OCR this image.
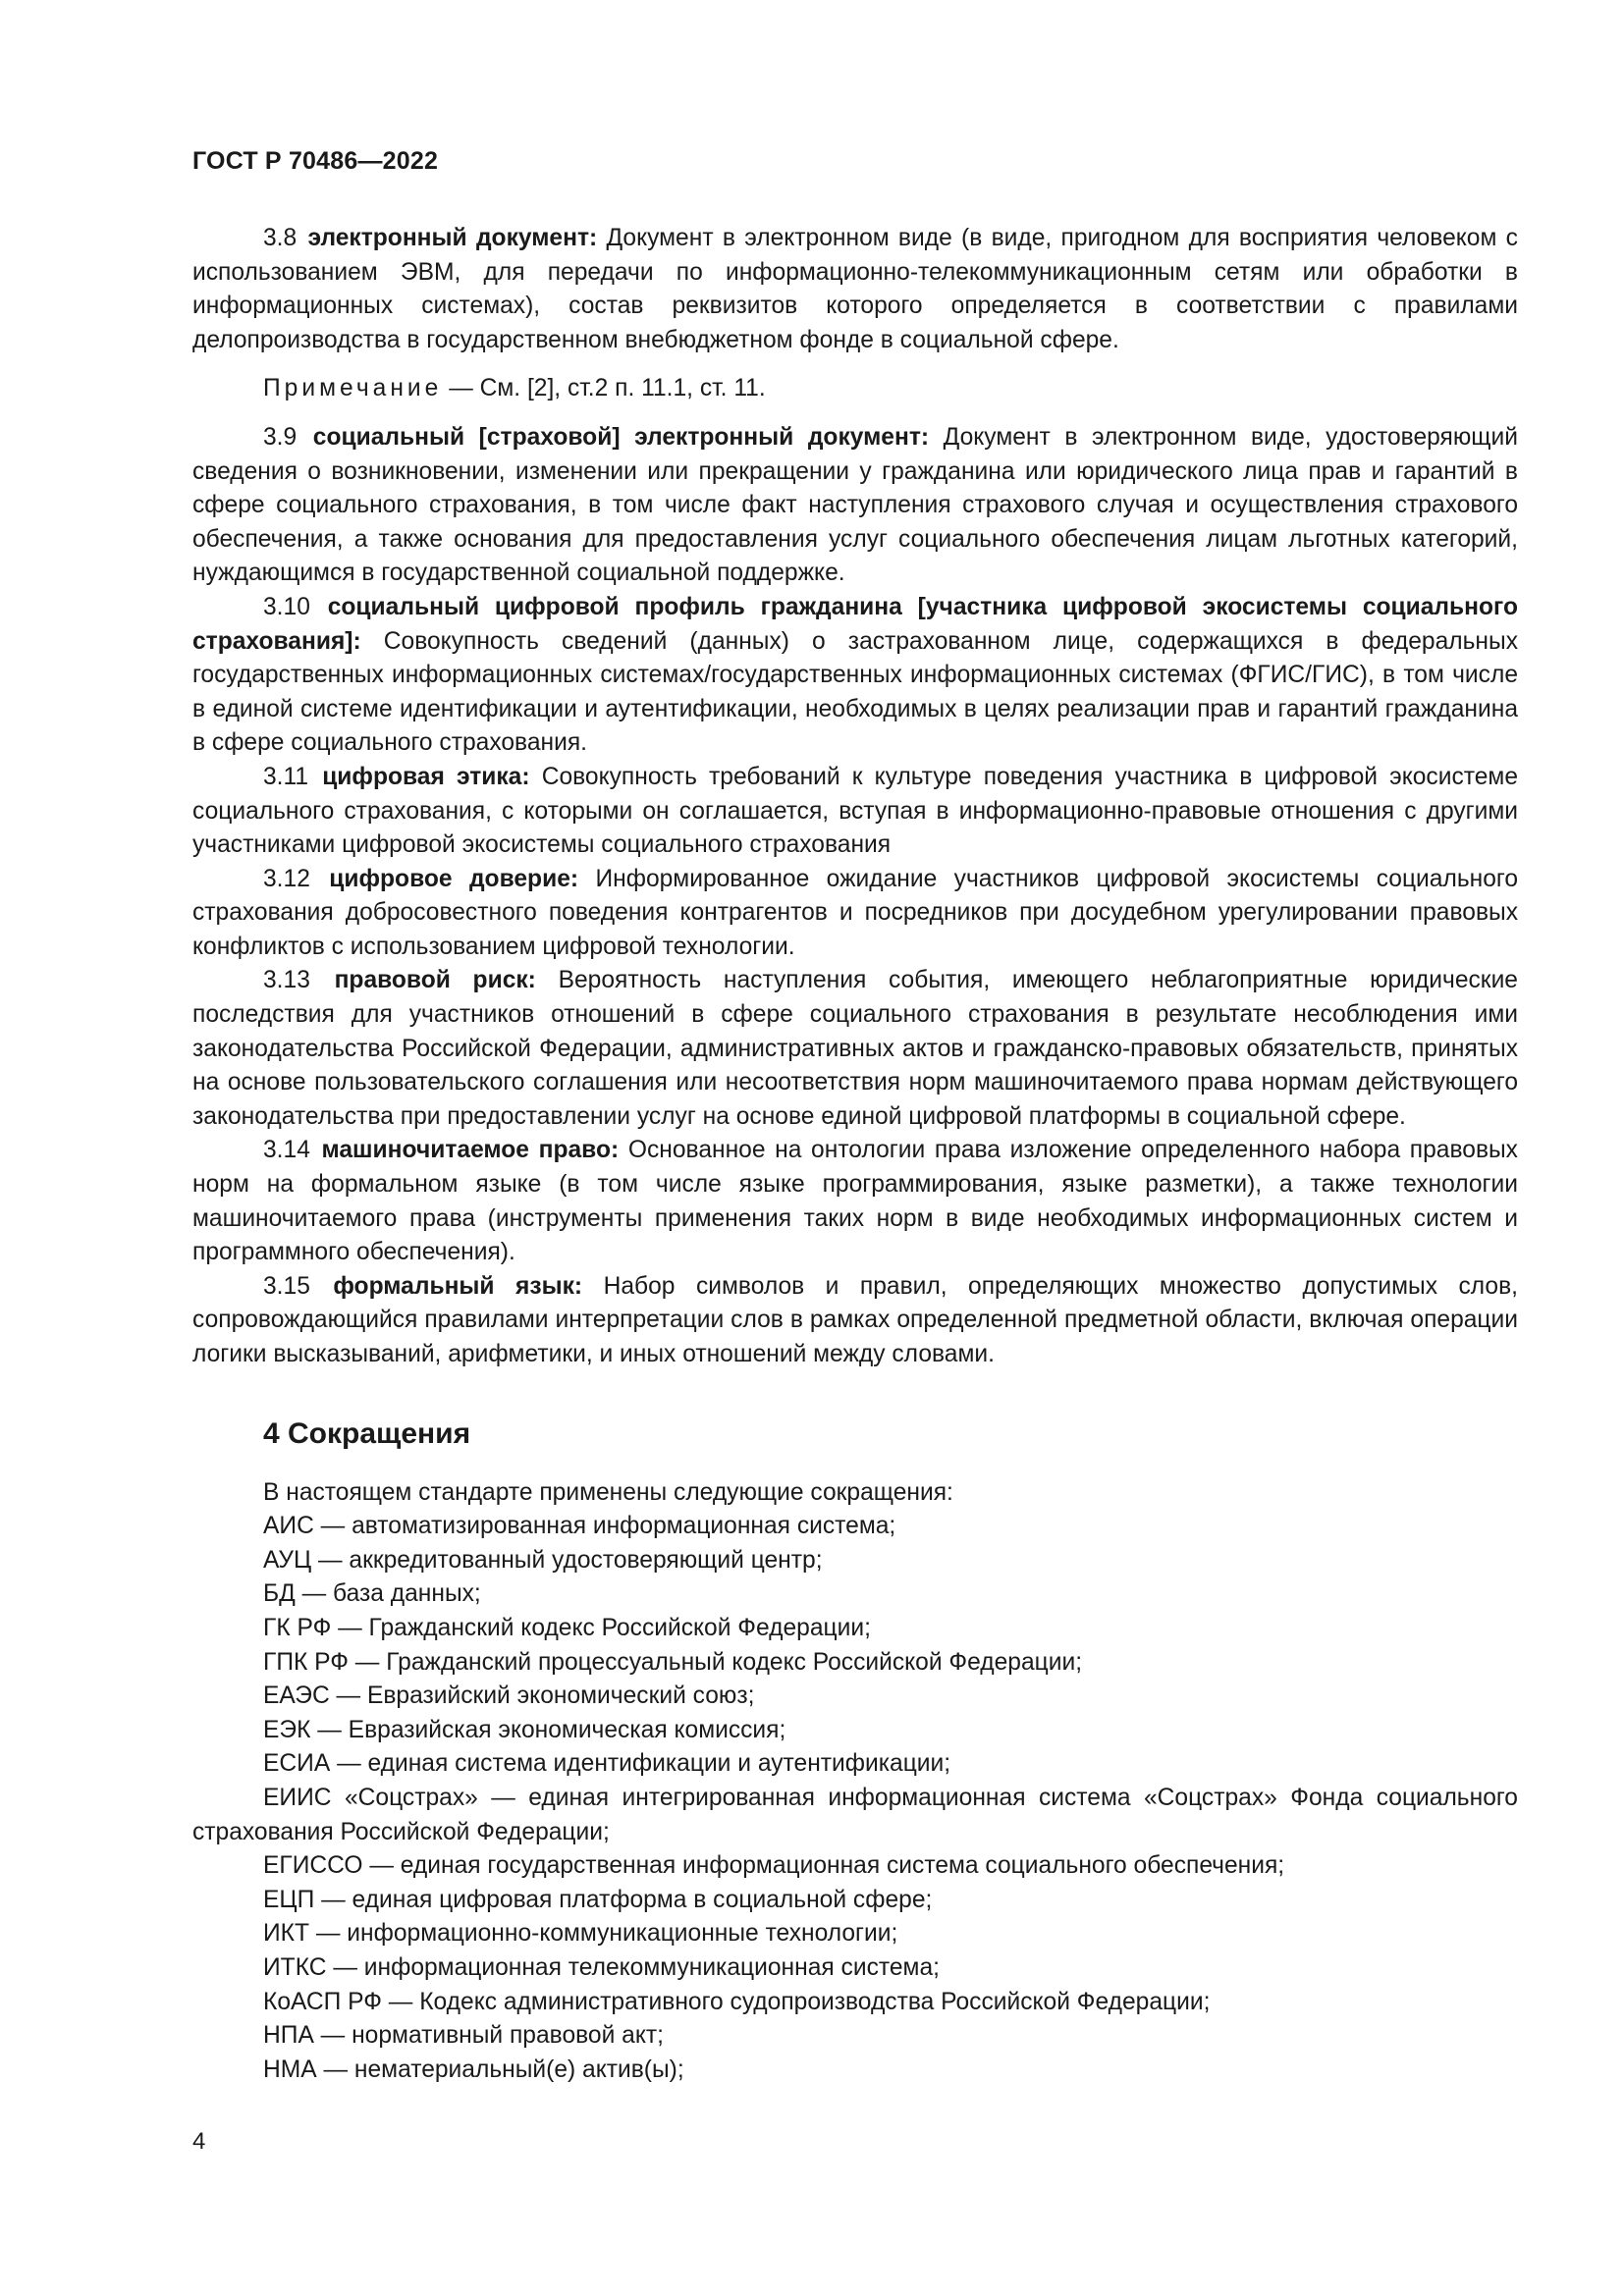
ГОСТ Р 70486—2022

3.8 электронный документ: Документ в электронном виде (в виде, пригодном для восприятия человеком с использованием ЭВМ, для передачи по информационно-телекоммуникационным сетям или обработки в информационных системах), состав реквизитов которого определяется в соответствии с правилами делопроизводства в государственном внебюджетном фонде в социальной сфере.

Примечание — См. [2], ст.2 п. 11.1, ст. 11.

3.9 социальный [страховой] электронный документ: Документ в электронном виде, удостоверяющий сведения о возникновении, изменении или прекращении у гражданина или юридического лица прав и гарантий в сфере социального страхования, в том числе факт наступления страхового случая и осуществления страхового обеспечения, а также основания для предоставления услуг социального обеспечения лицам льготных категорий, нуждающимся в государственной социальной поддержке.

3.10 социальный цифровой профиль гражданина [участника цифровой экосистемы социального страхования]: Совокупность сведений (данных) о застрахованном лице, содержащихся в федеральных государственных информационных системах/государственных информационных системах (ФГИС/ГИС), в том числе в единой системе идентификации и аутентификации, необходимых в целях реализации прав и гарантий гражданина в сфере социального страхования.

3.11 цифровая этика: Совокупность требований к культуре поведения участника в цифровой экосистеме социального страхования, с которыми он соглашается, вступая в информационно-правовые отношения с другими участниками цифровой экосистемы социального страхования

3.12 цифровое доверие: Информированное ожидание участников цифровой экосистемы социального страхования добросовестного поведения контрагентов и посредников при досудебном урегулировании правовых конфликтов с использованием цифровой технологии.

3.13 правовой риск: Вероятность наступления события, имеющего неблагоприятные юридические последствия для участников отношений в сфере социального страхования в результате несоблюдения ими законодательства Российской Федерации, административных актов и гражданско-правовых обязательств, принятых на основе пользовательского соглашения или несоответствия норм машиночитаемого права нормам действующего законодательства при предоставлении услуг на основе единой цифровой платформы в социальной сфере.

3.14 машиночитаемое право: Основанное на онтологии права изложение определенного набора правовых норм на формальном языке (в том числе языке программирования, языке разметки), а также технологии машиночитаемого права (инструменты применения таких норм в виде необходимых информационных систем и программного обеспечения).

3.15 формальный язык: Набор символов и правил, определяющих множество допустимых слов, сопровождающийся правилами интерпретации слов в рамках определенной предметной области, включая операции логики высказываний, арифметики, и иных отношений между словами.

4 Сокращения

В настоящем стандарте применены следующие сокращения:

АИС — автоматизированная информационная система;

АУЦ — аккредитованный удостоверяющий центр;

БД — база данных;

ГК РФ — Гражданский кодекс Российской Федерации;

ГПК РФ — Гражданский процессуальный кодекс Российской Федерации;

ЕАЭС — Евразийский экономический союз;

ЕЭК — Евразийская экономическая комиссия;

ЕСИА — единая система идентификации и аутентификации;

ЕИИС «Соцстрах» — единая интегрированная информационная система «Соцстрах» Фонда социального страхования Российской Федерации;

ЕГИССО — единая государственная информационная система социального обеспечения;

ЕЦП — единая цифровая платформа в социальной сфере;

ИКТ — информационно-коммуникационные технологии;

ИТКС — информационная телекоммуникационная система;

КоАСП РФ — Кодекс административного судопроизводства Российской Федерации;

НПА — нормативный правовой акт;

НМА — нематериальный(е) актив(ы);

4
